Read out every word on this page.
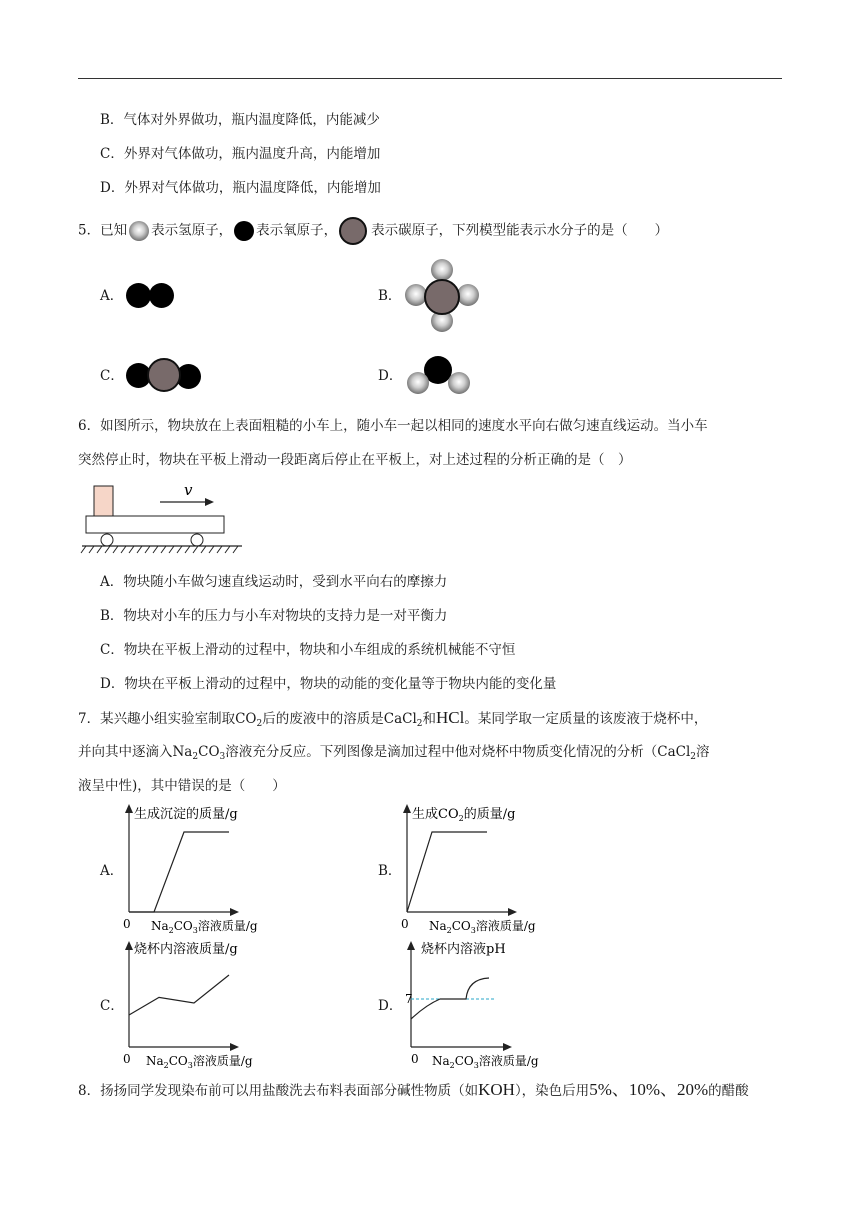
B．气体对外界做功，瓶内温度降低，内能减少
C．外界对气体做功，瓶内温度升高，内能增加
D．外界对气体做功，瓶内温度降低，内能增加
5．已知 表示氢原子， 表示氧原子，	表示碳原子，下列模型能表示水分子的是（　　）
A．	B．
C．	D．
6．如图所示，物块放在上表面粗糙的小车上，随小车一起以相同的速度水平向右做匀速直线运动。当小车
突然停止时，物块在平板上滑动一段距离后停止在平板上，对上述过程的分析正确的是（　）
v
A．物块随小车做匀速直线运动时，受到水平向右的摩擦力
B．物块对小车的压力与小车对物块的支持力是一对平衡力
C．物块在平板上滑动的过程中，物块和小车组成的系统机械能不守恒
D．物块在平板上滑动的过程中，物块的动能的变化量等于物块内能的变化量
7．某兴趣小组实验室制取$CO_2$后的废液中的溶质是CaCl$_2$和HCl。某同学取一定质量的该废液于烧杯中，
并向其中逐滴入$Na_2CO_3$溶液充分反应。下列图像是滴加过程中他对烧杯中物质变化情况的分析（CaCl$_2$溶
液呈中性)，其中错误的是（　　）
A．	B．
C．	D．
生成沉淀的质量/g
0 $Na_2CO_3$溶液质量/g
生成$CO_2$的质量/g
0 $Na_2CO_3$溶液质量/g
烧杯内溶液质量/g
0 $Na_2CO_3$溶液质量/g
烧杯内溶液pH
7
0 $Na_2CO_3$溶液质量/g
8．扬扬同学发现染布前可以用盐酸洗去布料表面部分碱性物质（如KOH），染色后用5%、10%、20%的醋酸
